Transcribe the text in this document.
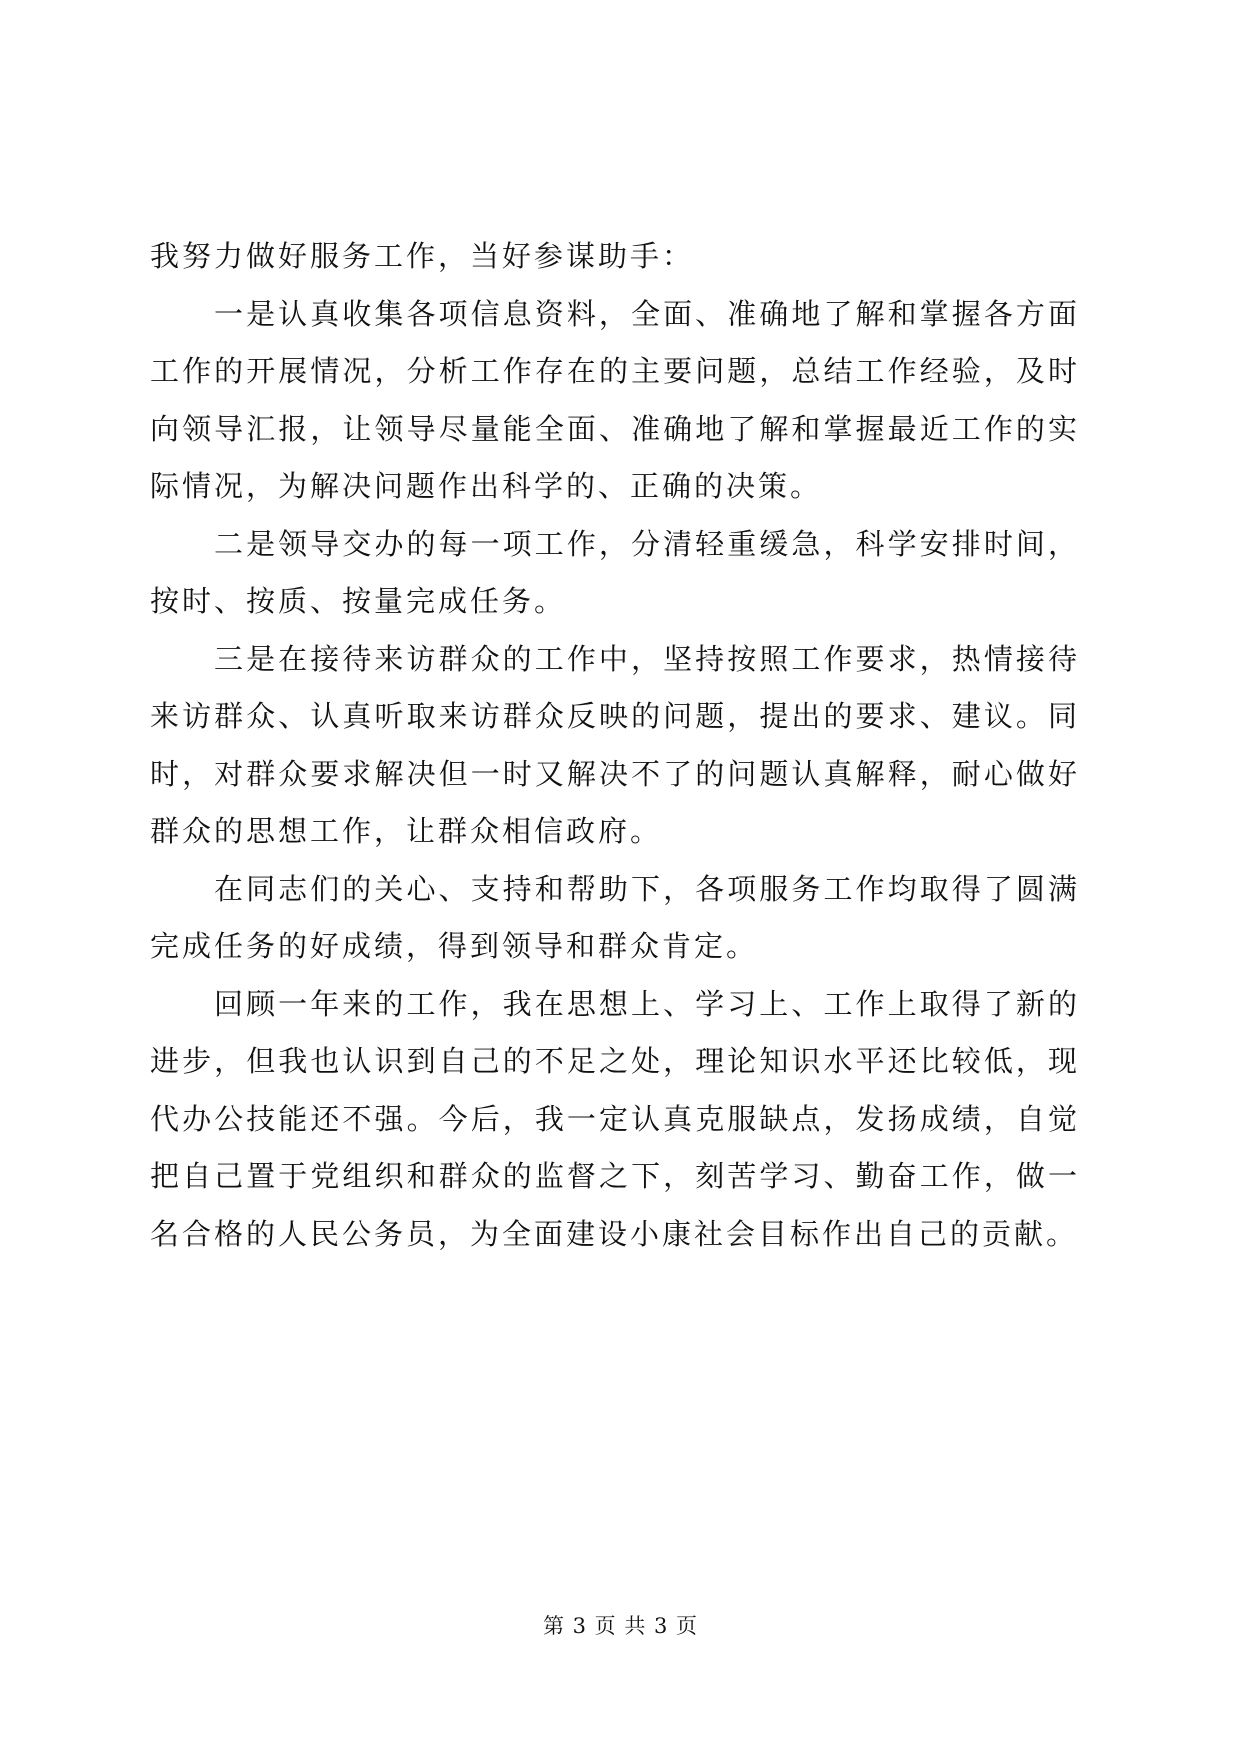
我努力做好服务工作，当好参谋助手：

一是认真收集各项信息资料，全面、准确地了解和掌握各方面工作的开展情况，分析工作存在的主要问题，总结工作经验，及时向领导汇报，让领导尽量能全面、准确地了解和掌握最近工作的实际情况，为解决问题作出科学的、正确的决策。

二是领导交办的每一项工作，分清轻重缓急，科学安排时间，按时、按质、按量完成任务。

三是在接待来访群众的工作中，坚持按照工作要求，热情接待来访群众、认真听取来访群众反映的问题，提出的要求、建议。同时，对群众要求解决但一时又解决不了的问题认真解释，耐心做好群众的思想工作，让群众相信政府。

在同志们的关心、支持和帮助下，各项服务工作均取得了圆满完成任务的好成绩，得到领导和群众肯定。

回顾一年来的工作，我在思想上、学习上、工作上取得了新的进步，但我也认识到自己的不足之处，理论知识水平还比较低，现代办公技能还不强。今后，我一定认真克服缺点，发扬成绩，自觉把自己置于党组织和群众的监督之下，刻苦学习、勤奋工作，做一名合格的人民公务员，为全面建设小康社会目标作出自己的贡献。

第 3 页 共 3 页
